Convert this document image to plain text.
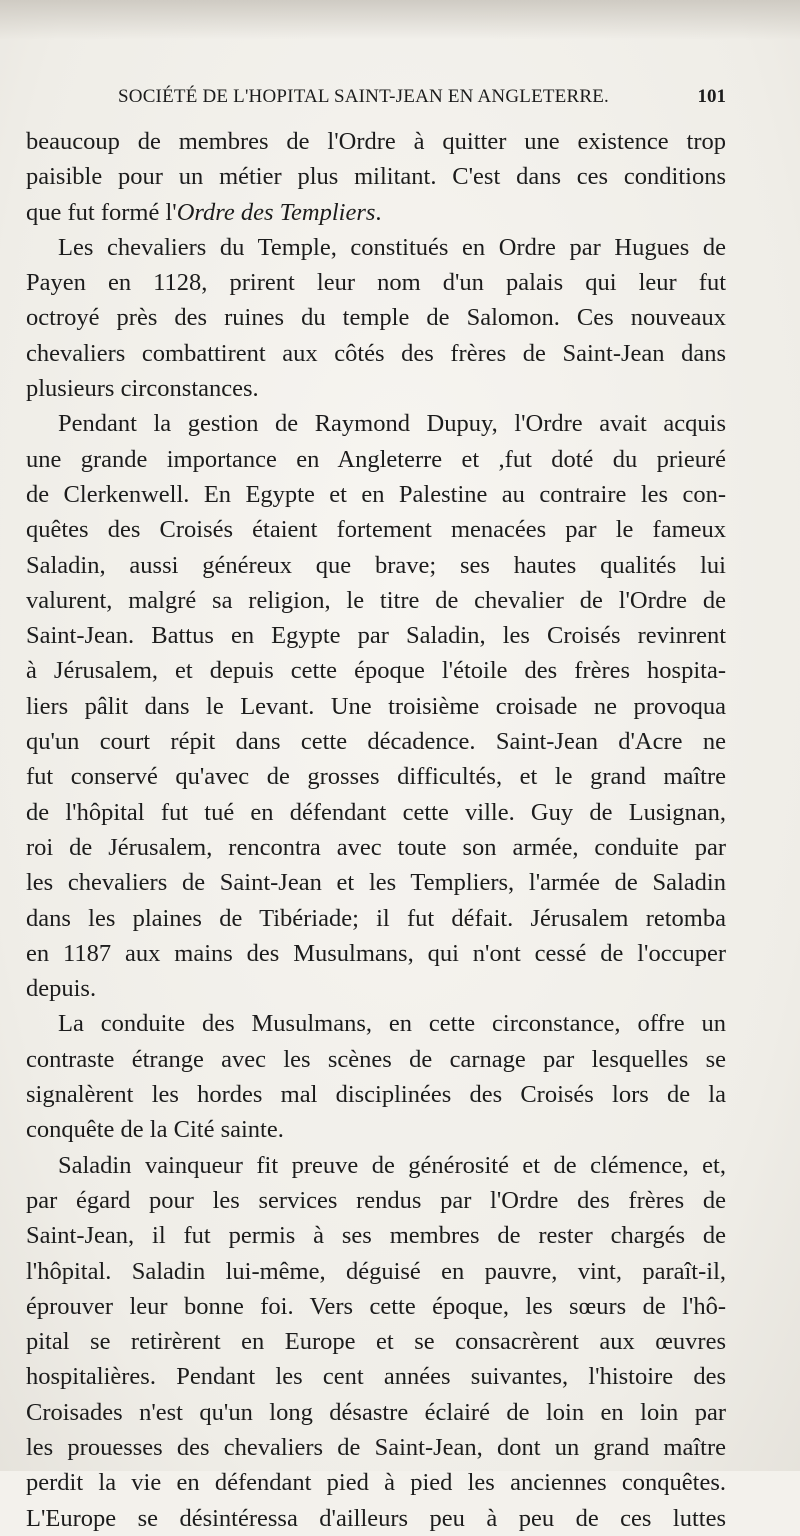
SOCIÉTÉ DE L'HOPITAL SAINT-JEAN EN ANGLETERRE.	101
beaucoup de membres de l'Ordre à quitter une existence trop
paisible pour un métier plus militant. C'est dans ces conditions
que fut formé l'Ordre des Templiers.
Les chevaliers du Temple, constitués en Ordre par Hugues de
Payen en 1128, prirent leur nom d'un palais qui leur fut
octroyé près des ruines du temple de Salomon. Ces nouveaux
chevaliers combattirent aux côtés des frères de Saint-Jean dans
plusieurs circonstances.
Pendant la gestion de Raymond Dupuy, l'Ordre avait acquis
une grande importance en Angleterre et ,fut doté du prieuré
de Clerkenwell. En Egypte et en Palestine au contraire les con-
quêtes des Croisés étaient fortement menacées par le fameux
Saladin, aussi généreux que brave; ses hautes qualités lui
valurent, malgré sa religion, le titre de chevalier de l'Ordre de
Saint-Jean. Battus en Egypte par Saladin, les Croisés revinrent
à Jérusalem, et depuis cette époque l'étoile des frères hospita-
liers pâlit dans le Levant. Une troisième croisade ne provoqua
qu'un court répit dans cette décadence. Saint-Jean d'Acre ne
fut conservé qu'avec de grosses difficultés, et le grand maître
de l'hôpital fut tué en défendant cette ville. Guy de Lusignan,
roi de Jérusalem, rencontra avec toute son armée, conduite par
les chevaliers de Saint-Jean et les Templiers, l'armée de Saladin
dans les plaines de Tibériade; il fut défait. Jérusalem retomba
en 1187 aux mains des Musulmans, qui n'ont cessé de l'occuper
depuis.
La conduite des Musulmans, en cette circonstance, offre un
contraste étrange avec les scènes de carnage par lesquelles se
signalèrent les hordes mal disciplinées des Croisés lors de la
conquête de la Cité sainte.
Saladin vainqueur fit preuve de générosité et de clémence, et,
par égard pour les services rendus par l'Ordre des frères de
Saint-Jean, il fut permis à ses membres de rester chargés de
l'hôpital. Saladin lui-même, déguisé en pauvre, vint, paraît-il,
éprouver leur bonne foi. Vers cette époque, les sœurs de l'hô-
pital se retirèrent en Europe et se consacrèrent aux œuvres
hospitalières. Pendant les cent années suivantes, l'histoire des
Croisades n'est qu'un long désastre éclairé de loin en loin par
les prouesses des chevaliers de Saint-Jean, dont un grand maître
perdit la vie en défendant pied à pied les anciennes conquêtes.
L'Europe se désintéressa d'ailleurs peu à peu de ces luttes
